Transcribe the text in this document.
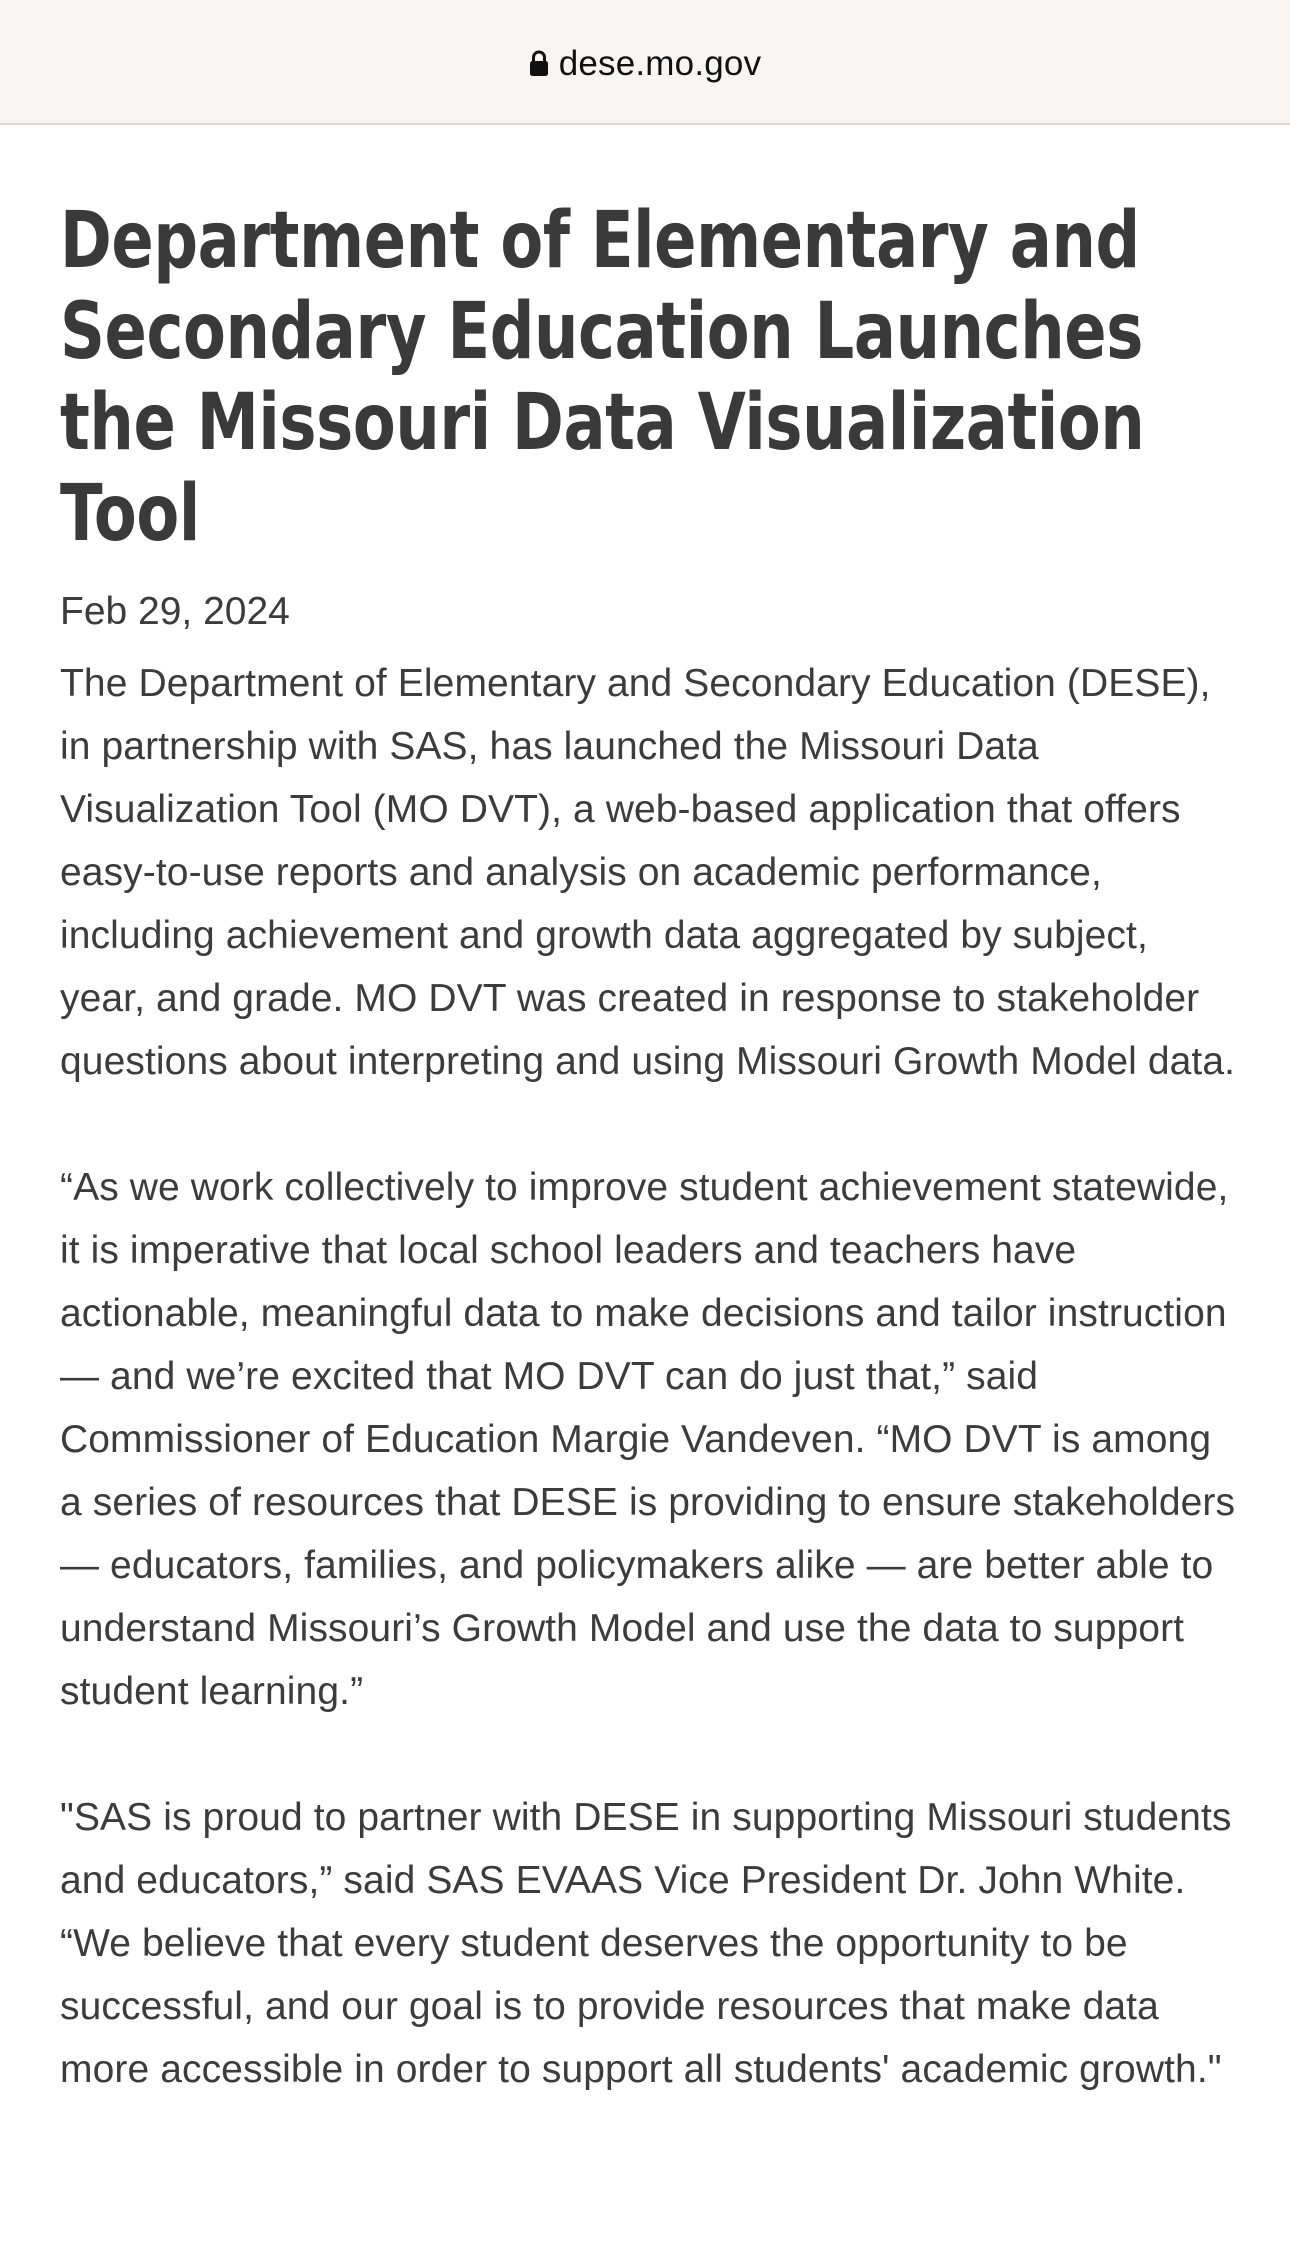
dese.mo.gov
Department of Elementary and Secondary Education Launches the Missouri Data Visualization Tool

Feb 29, 2024

The Department of Elementary and Secondary Education (DESE), in partnership with SAS, has launched the Missouri Data Visualization Tool (MO DVT), a web-based application that offers easy-to-use reports and analysis on academic performance, including achievement and growth data aggregated by subject, year, and grade. MO DVT was created in response to stakeholder questions about interpreting and using Missouri Growth Model data.

“As we work collectively to improve student achievement statewide, it is imperative that local school leaders and teachers have actionable, meaningful data to make decisions and tailor instruction — and we’re excited that MO DVT can do just that,” said Commissioner of Education Margie Vandeven. “MO DVT is among a series of resources that DESE is providing to ensure stakeholders — educators, families, and policymakers alike — are better able to understand Missouri’s Growth Model and use the data to support student learning.”

"SAS is proud to partner with DESE in supporting Missouri students and educators,” said SAS EVAAS Vice President Dr. John White. “We believe that every student deserves the opportunity to be successful, and our goal is to provide resources that make data more accessible in order to support all students' academic growth."
